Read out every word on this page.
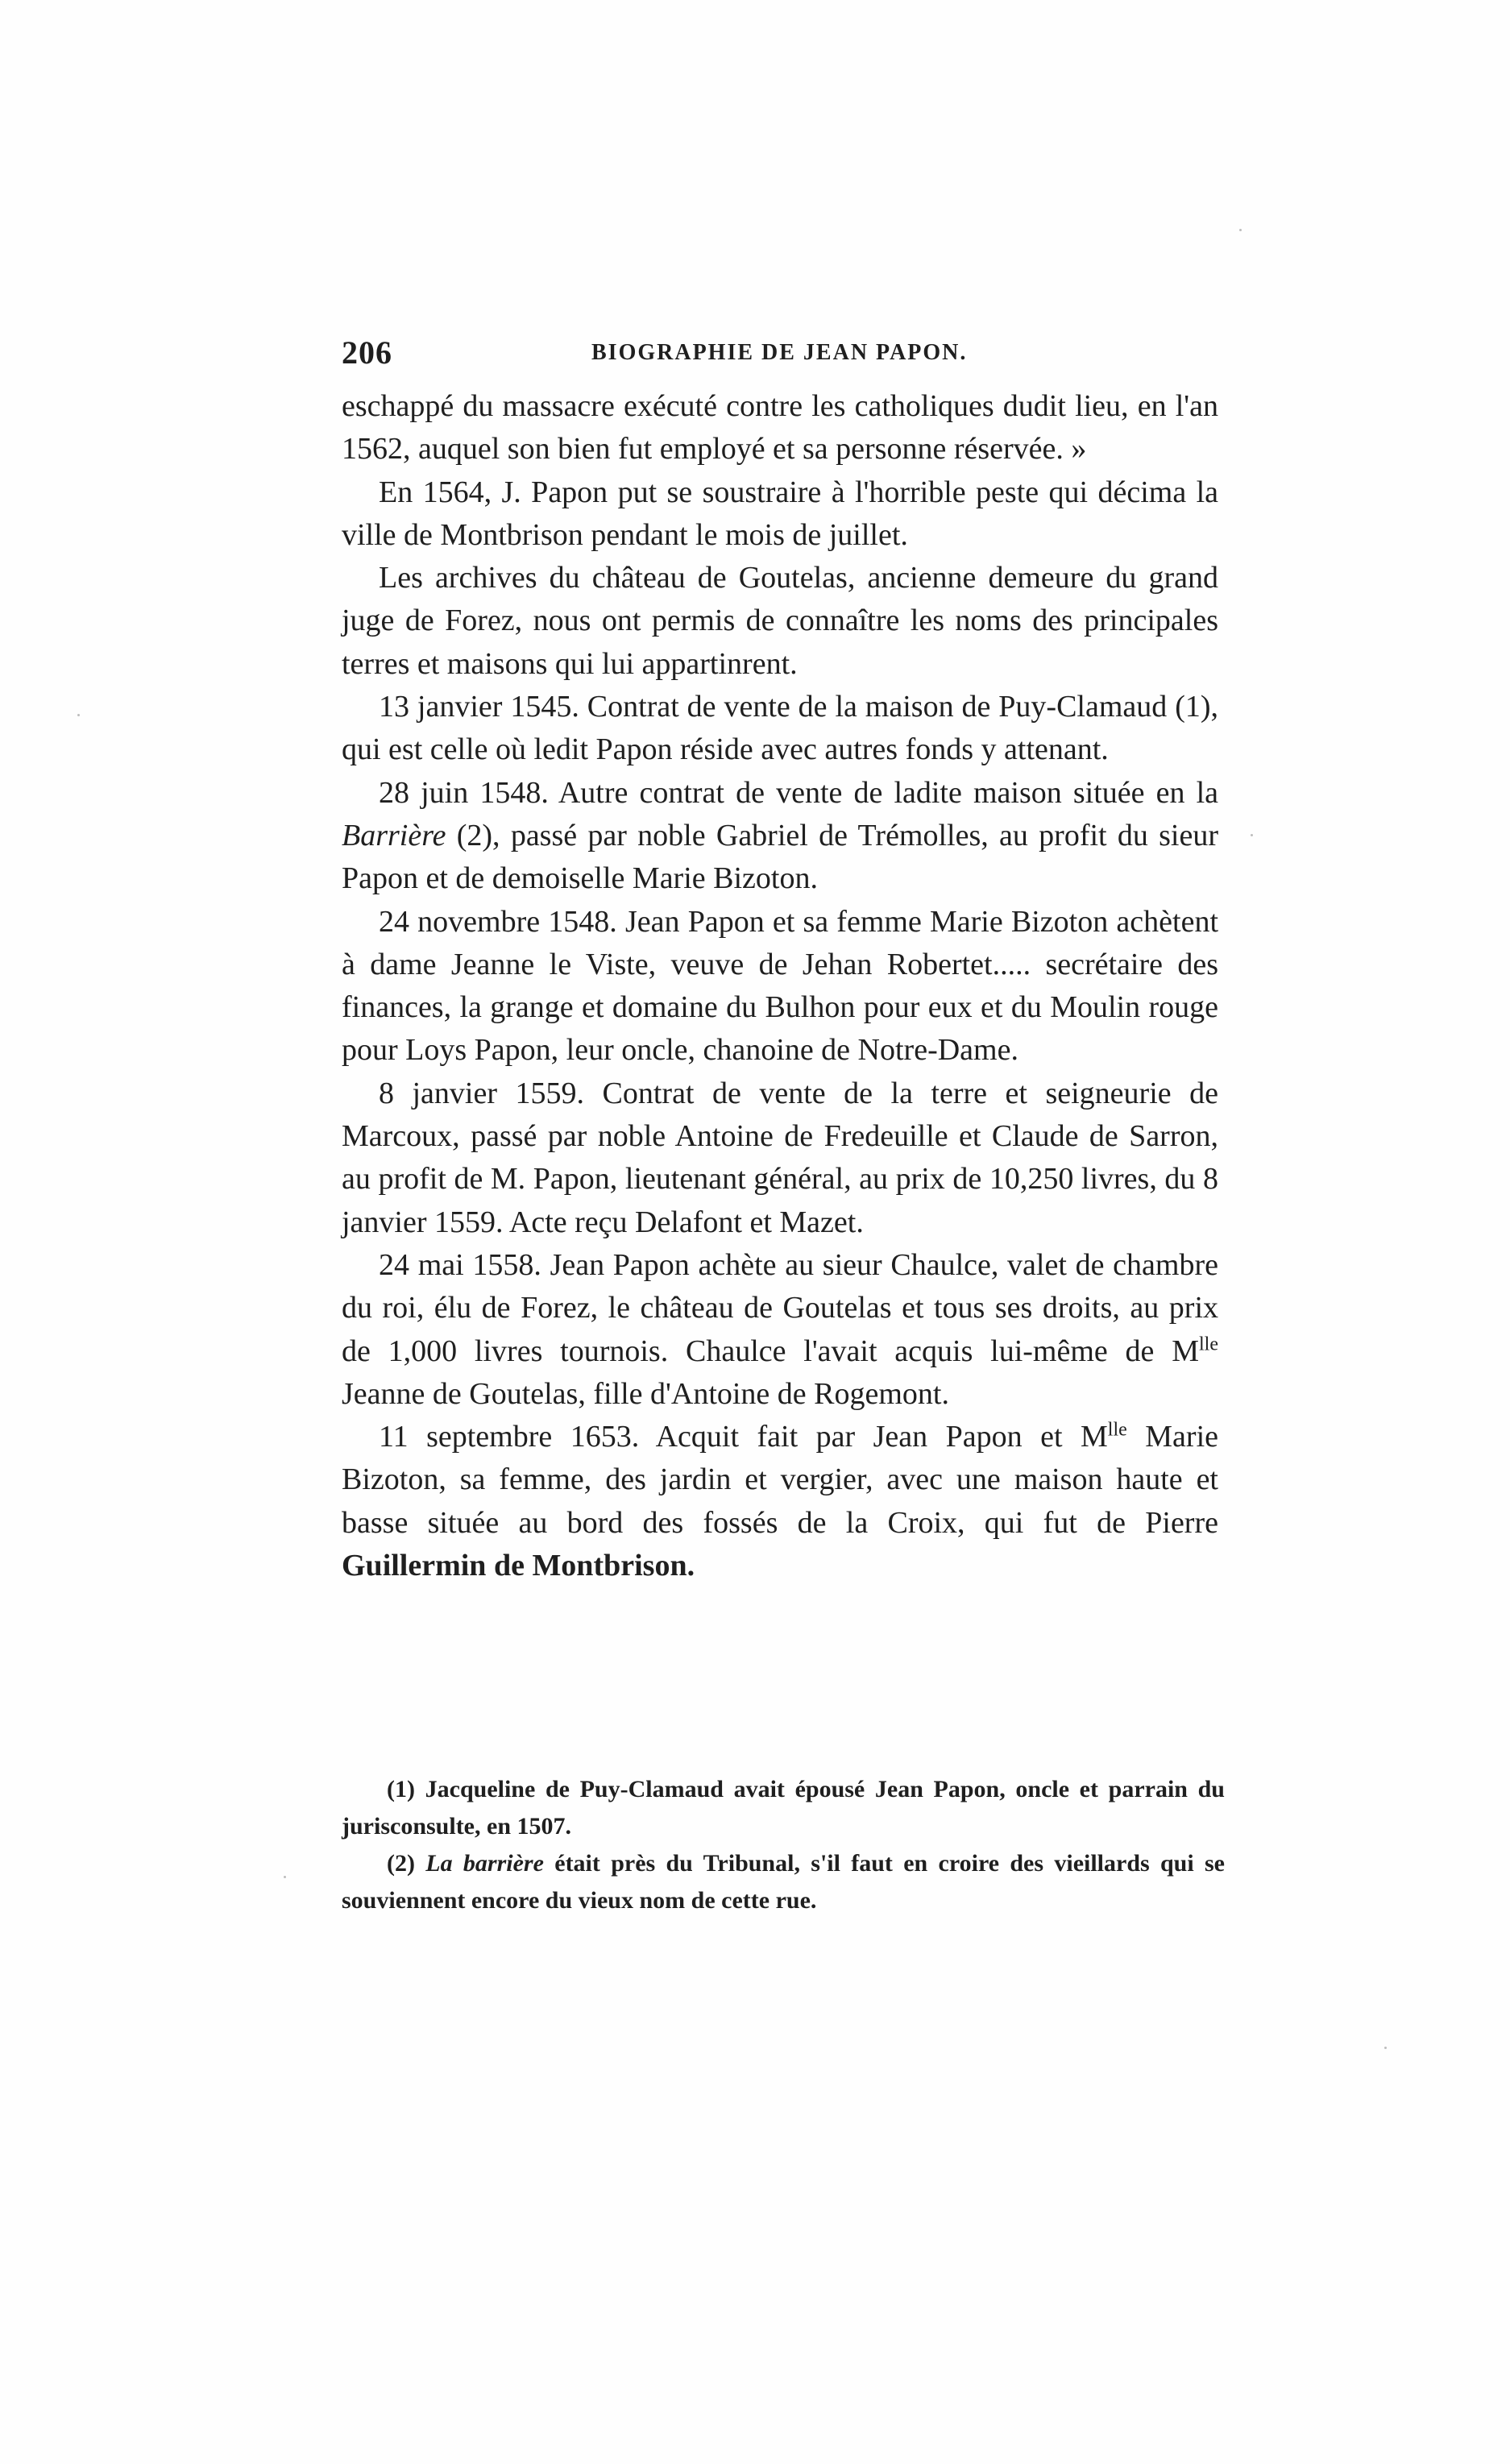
206	BIOGRAPHIE DE JEAN PAPON.

eschappé du massacre exécuté contre les catholiques dudit lieu, en l'an 1562, auquel son bien fut employé et sa personne réservée. »

En 1564, J. Papon put se soustraire à l'horrible peste qui décima la ville de Montbrison pendant le mois de juillet.

Les archives du château de Goutelas, ancienne demeure du grand juge de Forez, nous ont permis de connaître les noms des principales terres et maisons qui lui appartinrent.

13 janvier 1545. Contrat de vente de la maison de Puy-Clamaud (1), qui est celle où ledit Papon réside avec autres fonds y attenant.

28 juin 1548. Autre contrat de vente de ladite maison située en la Barrière (2), passé par noble Gabriel de Trémolles, au profit du sieur Papon et de demoiselle Marie Bizoton.

24 novembre 1548. Jean Papon et sa femme Marie Bizoton achètent à dame Jeanne le Viste, veuve de Jehan Robertet..... secrétaire des finances, la grange et domaine du Bulhon pour eux et du Moulin rouge pour Loys Papon, leur oncle, chanoine de Notre-Dame.

8 janvier 1559. Contrat de vente de la terre et seigneurie de Marcoux, passé par noble Antoine de Fredeuille et Claude de Sarron, au profit de M. Papon, lieutenant général, au prix de 10,250 livres, du 8 janvier 1559. Acte reçu Delafont et Mazet.

24 mai 1558. Jean Papon achète au sieur Chaulce, valet de chambre du roi, élu de Forez, le château de Goutelas et tous ses droits, au prix de 1,000 livres tournois. Chaulce l'avait acquis lui-même de $M^{lle}$ Jeanne de Goutelas, fille d'Antoine de Rogemont.

11 septembre 1653. Acquit fait par Jean Papon et $M^{lle}$ Marie Bizoton, sa femme, des jardin et vergier, avec une maison haute et basse située au bord des fossés de la Croix, qui fut de Pierre Guillermin de Montbrison.

(1) Jacqueline de Puy-Clamaud avait épousé Jean Papon, oncle et parrain du jurisconsulte, en 1507.

(2) La barrière était près du Tribunal, s'il faut en croire des vieillards qui se souviennent encore du vieux nom de cette rue.
